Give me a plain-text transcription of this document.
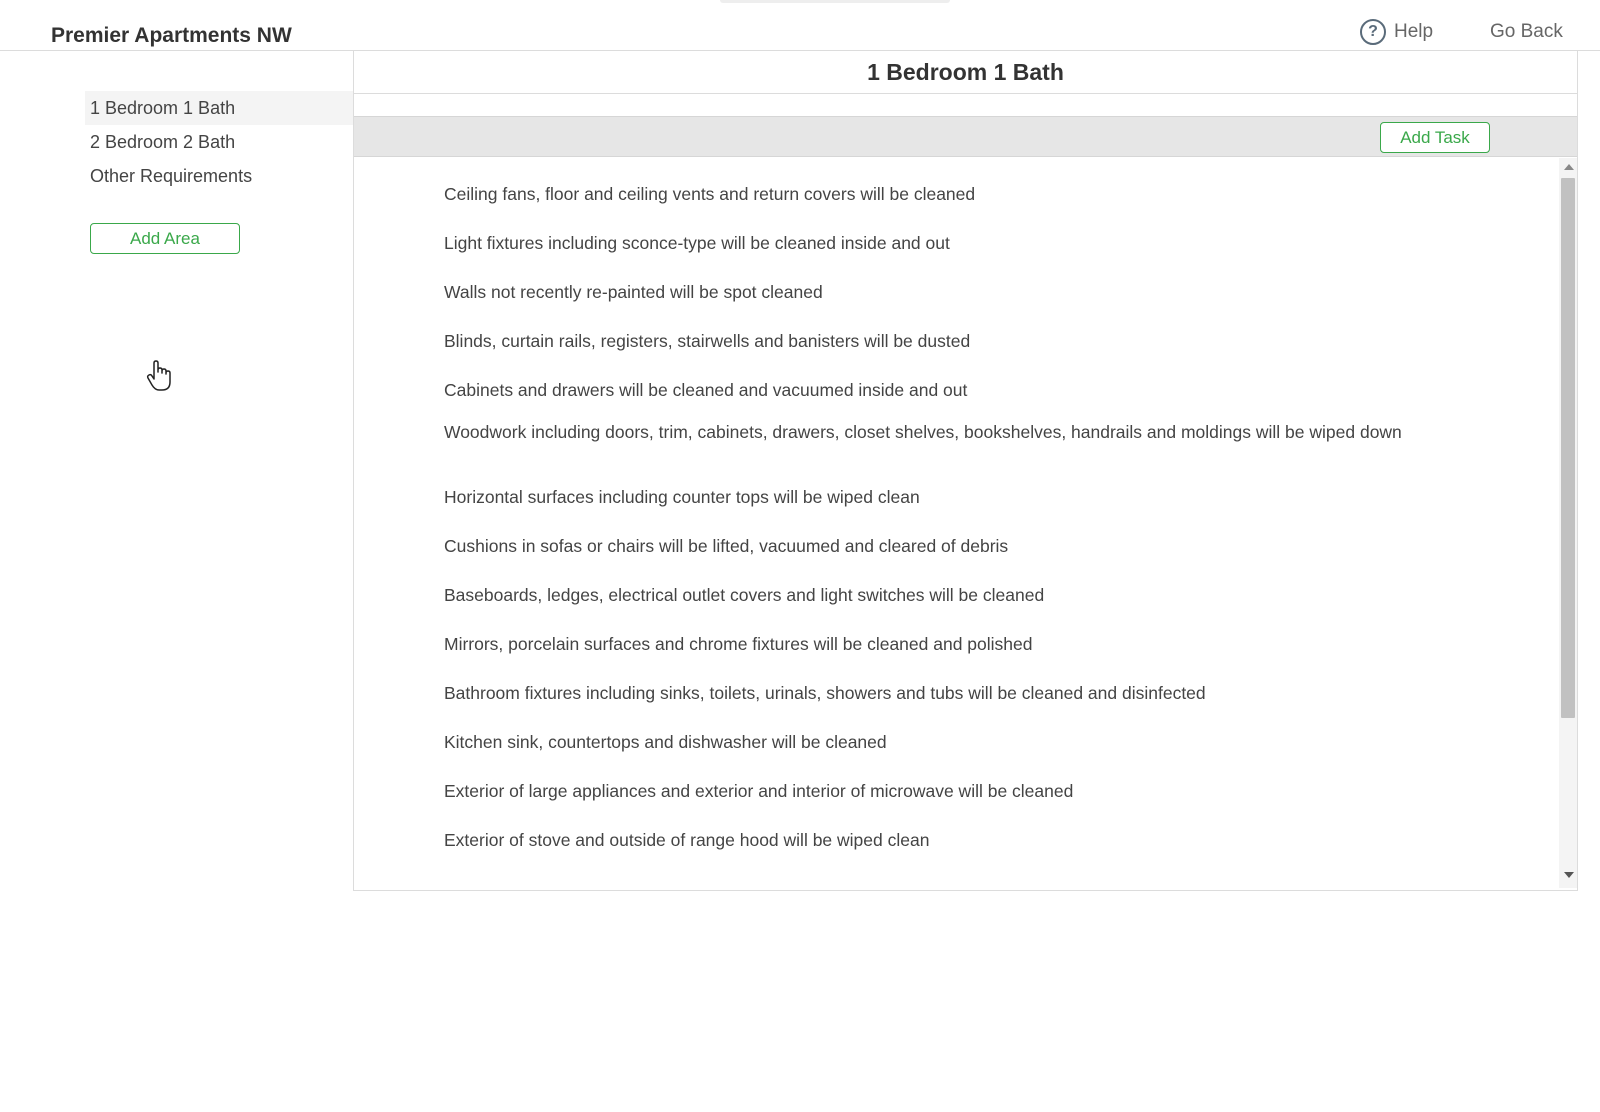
Premier Apartments NW	? Help	Go Back
1 Bedroom 1 Bath
2 Bedroom 2 Bath
Other Requirements
Add Area
1 Bedroom 1 Bath
Add Task
Ceiling fans, floor and ceiling vents and return covers will be cleaned
Light fixtures including sconce-type will be cleaned inside and out
Walls not recently re-painted will be spot cleaned
Blinds, curtain rails, registers, stairwells and banisters will be dusted
Cabinets and drawers will be cleaned and vacuumed inside and out
Woodwork including doors, trim, cabinets, drawers, closet shelves, bookshelves, handrails and moldings will be wiped down
Horizontal surfaces including counter tops will be wiped clean
Cushions in sofas or chairs will be lifted, vacuumed and cleared of debris
Baseboards, ledges, electrical outlet covers and light switches will be cleaned
Mirrors, porcelain surfaces and chrome fixtures will be cleaned and polished
Bathroom fixtures including sinks, toilets, urinals, showers and tubs will be cleaned and disinfected
Kitchen sink, countertops and dishwasher will be cleaned
Exterior of large appliances and exterior and interior of microwave will be cleaned
Exterior of stove and outside of range hood will be wiped clean
